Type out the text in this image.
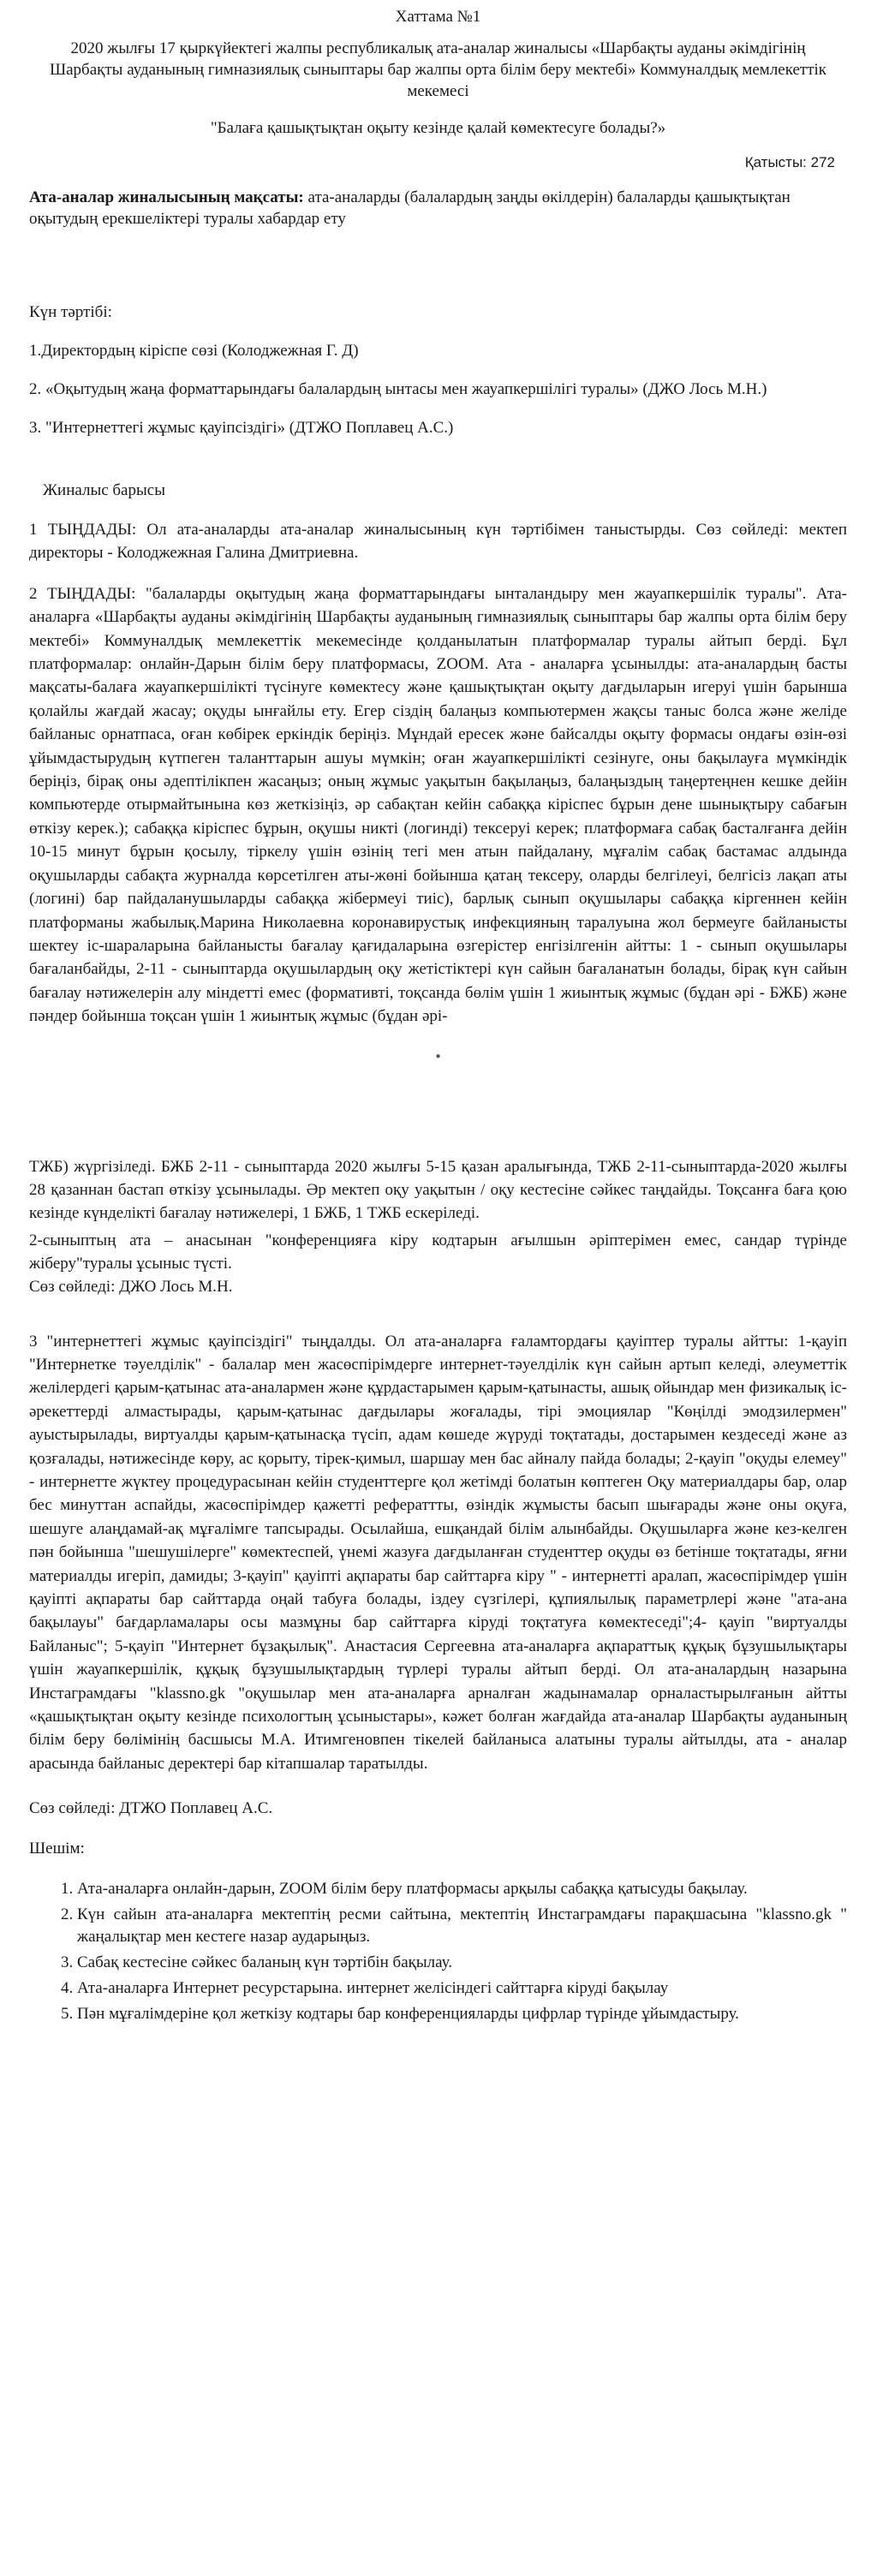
Хаттама №1
2020 жылғы 17 қыркүйектегі жалпы республикалық ата-аналар жиналысы «Шарбақты ауданы әкімдігінің Шарбақты ауданының гимназиялық сыныптары бар жалпы орта білім беру мектебі» Коммуналдық мемлекеттік мекемесі
"Балаға қашықтықтан оқыту кезінде қалай көмектесуге болады?»
Қатысты: 272
Ата-аналар жиналысының мақсаты: ата-аналарды (балалардың заңды өкілдерін) балаларды қашықтықтан оқытудың ерекшеліктері туралы хабардар ету
Күн тәртібі:
1.Директордың кіріспе сөзі (Колоджежная Г. Д)
2. «Оқытудың жаңа форматтарындағы балалардың ынтасы мен жауапкершілігі туралы» (ДЖО Лось М.Н.)
3. "Интернеттегі жұмыс қауіпсіздігі» (ДТЖО Поплавец А.С.)
Жиналыс барысы
1 ТЫҢДАДЫ: Ол ата-аналарды ата-аналар жиналысының күн тәртібімен таныстырды. Сөз сөйледі: мектеп директоры - Колоджежная Галина Дмитриевна.
2 ТЫҢДАДЫ: "балаларды оқытудың жаңа форматтарындағы ынталандыру мен жауапкершілік туралы". Ата-аналарға «Шарбақты ауданы әкімдігінің Шарбақты ауданының гимназиялық сыныптары бар жалпы орта білім беру мектебі» Коммуналдық мемлекеттік мекемесінде қолданылатын платформалар туралы айтып берді. Бұл платформалар: онлайн-Дарын білім беру платформасы, ZOOM. Ата - аналарға ұсынылды: ата-аналардың басты мақсаты-балаға жауапкершілікті түсінуге көмектесу және қашықтықтан оқыту дағдыларын игеруі үшін барынша қолайлы жағдай жасау; оқуды ынғайлы ету. Егер сіздің балаңыз компьютермен жақсы таныс болса және желіде байланыс орнатпаса, оған көбірек еркіндік беріңіз. Мұндай ересек және байсалды оқыту формасы ондағы өзін-өзі ұйымдастырудың күтпеген таланттарын ашуы мүмкін; оған жауапкершілікті сезінуге, оны бақылауға мүмкіндік беріңіз, бірақ оны әдептілікпен жасаңыз; оның жұмыс уақытын бақылаңыз, балаңыздың таңертеңнен кешке дейін компьютерде отырмайтынына көз жеткізіңіз, әр сабақтан кейін сабаққа кіріспес бұрын дене шынықтыру сабағын өткізу керек.); сабаққа кіріспес бұрын, оқушы никті (логинді) тексеруі керек; платформаға сабақ басталғанға дейін 10-15 минут бұрын қосылу, тіркелу үшін өзінің тегі мен атын пайдалану, мұғалім сабақ бастамас алдында оқушыларды сабақта журналда көрсетілген аты-жөні бойынша қатаң тексеру, оларды белгілеуі, белгісіз лақап аты (логині) бар пайдаланушыларды сабаққа жібермеуі тиіс), барлық сынып оқушылары сабаққа кіргеннен кейін платформаны жабылық.Марина Николаевна коронавирустық инфекцияның таралуына жол бермеуге байланысты шектеу іс-шараларына байланысты бағалау қағидаларына өзгерістер енгізілгенін айтты: 1 - сынып оқушылары бағаланбайды, 2-11 - сыныптарда оқушылардың оқу жетістіктері күн сайын бағаланатын болады, бірақ күн сайын бағалау нәтижелерін алу міндетті емес (формативті, тоқсанда бөлім үшін 1 жиынтық жұмыс (бұдан әрі - БЖБ) және пәндер бойынша тоқсан үшін 1 жиынтық жұмыс (бұдан әрі-
●
ТЖБ) жүргізіледі. БЖБ 2-11 - сыныптарда 2020 жылғы 5-15 қазан аралығында, ТЖБ 2-11-сыныптарда-2020 жылғы 28 қазаннан бастап өткізу ұсынылады. Әр мектеп оқу уақытын / оқу кестесіне сәйкес таңдайды. Тоқсанға баға қою кезінде күнделікті бағалау нәтижелері, 1 БЖБ, 1 ТЖБ ескеріледі.
2-сыныптың ата – анасынан "конференцияға кіру кодтарын ағылшын әріптерімен емес, сандар түрінде жіберу"туралы ұсыныс түсті.
Сөз сөйледі: ДЖО Лось М.Н.
3 "интернеттегі жұмыс қауіпсіздігі" тыңдалды. Ол ата-аналарға ғаламтордағы қауіптер туралы айтты: 1-қауіп "Интернетке тәуелділік" - балалар мен жасөспірімдерге интернет-тәуелділік күн сайын артып келеді, әлеуметтік желілердегі қарым-қатынас ата-аналармен және құрдастарымен қарым-қатынасты, ашық ойындар мен физикалық іс-әрекеттерді алмастырады, қарым-қатынас дағдылары жоғалады, тірі эмоциялар "Көңілді эмодзилермен" ауыстырылады, виртуалды қарым-қатынасқа түсіп, адам көшеде жүруді тоқтатады, достарымен кездеседі және аз қозғалады, нәтижесінде көру, ас қорыту, тірек-қимыл, шаршау мен бас айналу пайда болады; 2-қауіп "оқуды елемеу" - интернетте жүктеу процедурасынан кейін студенттерге қол жетімді болатын көптеген Оқу материалдары бар, олар бес минуттан аспайды, жасөспірімдер қажетті рефераттты, өзіндік жұмысты басып шығарады және оны оқуға, шешуге алаңдамай-ақ мұғалімге тапсырады. Осылайша, ешқандай білім алынбайды. Оқушыларға және кез-келген пән бойынша "шешушілерге" көмектеспей, үнемі жазуға дағдыланған студенттер оқуды өз бетінше тоқтатады, яғни материалды игеріп, дамиды; 3-қауіп" қауіпті ақпараты бар сайттарға кіру " - интернетті аралап, жасөспірімдер үшін қауіпті ақпараты бар сайттарда оңай табуға болады, іздеу сүзгілері, құпиялылық параметрлері және "ата-ана бақылауы" бағдарламалары осы мазмұны бар сайттарға кіруді тоқтатуға көмектеседі";4- қауіп "виртуалды Байланыс"; 5-қауіп "Интернет бұзақылық". Анастасия Сергеевна ата-аналарға ақпараттық құқық бұзушылықтары үшін жауапкершілік, құқық бұзушылықтардың түрлері туралы айтып берді. Ол ата-аналардың назарына Инстаграмдағы "klassno.gk "оқушылар мен ата-аналарға арналған жадынамалар орналастырылғанын айтты «қашықтықтан оқыту кезінде психологтың ұсыныстары», кәжет болған жағдайда ата-аналар Шарбақты ауданының білім беру бөлімінің басшысы М.А. Итимгеновпен тікелей байланыса алатыны туралы айтылды, ата - аналар арасында байланыс деректері бар кітапшалар таратылды.
Сөз сөйледі: ДТЖО Поплавец А.С.
Шешім:
1. Ата-аналарға онлайн-дарын, ZOOM білім беру платформасы арқылы сабаққа қатысуды бақылау.
2. Күн сайын ата-аналарға мектептің ресми сайтына, мектептің Инстаграмдағы парақшасына "klassno.gk " жаңалықтар мен кестеге назар аударыңыз.
3. Сабақ кестесіне сәйкес баланың күн тәртібін бақылау.
4. Ата-аналарға Интернет ресурстарына. интернет желісіндегі сайттарға кіруді бақылау
5. Пән мұғалімдеріне қол жеткізу кодтары бар конференцияларды цифрлар түрінде ұйымдастыру.
